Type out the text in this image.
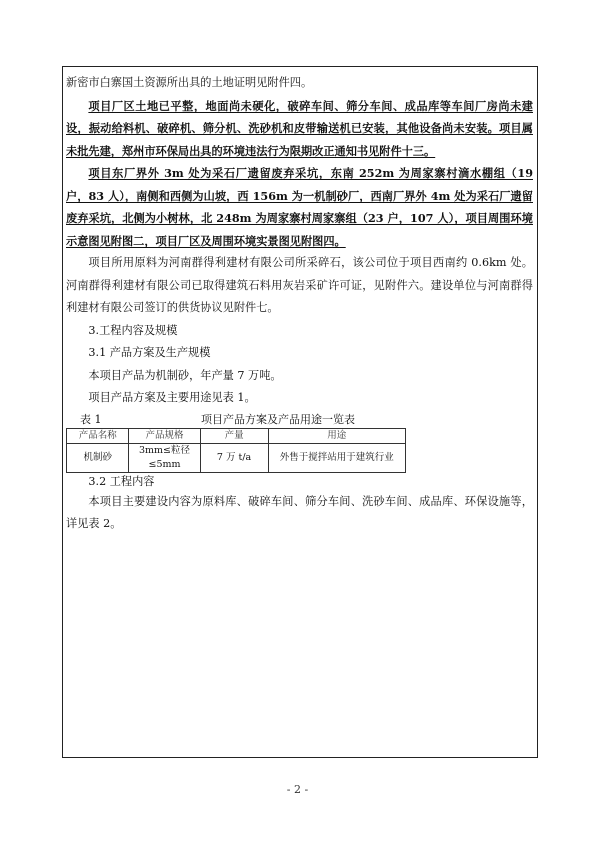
新密市白寨国土资源所出具的土地证明见附件四。

项目厂区土地已平整，地面尚未硬化，破碎车间、筛分车间、成品库等车间厂房尚未建设，振动给料机、破碎机、筛分机、洗砂机和皮带输送机已安装，其他设备尚未安装。项目属未批先建，郑州市环保局出具的环境违法行为限期改正通知书见附件十三。

项目东厂界外 3m 处为采石厂遗留废弃采坑，东南 252m 为周家寨村滴水棚组（19 户，83 人），南侧和西侧为山坡，西 156m 为一机制砂厂，西南厂界外 4m 处为采石厂遗留废弃采坑，北侧为小树林，北 248m 为周家寨村周家寨组（23 户，107 人），项目周围环境示意图见附图二，项目厂区及周围环境实景图见附图四。

项目所用原料为河南群得利建材有限公司所采碎石，该公司位于项目西南约 0.6km 处。河南群得利建材有限公司已取得建筑石料用灰岩采矿许可证，见附件六。建设单位与河南群得利建材有限公司签订的供货协议见附件七。

3.工程内容及规模

3.1 产品方案及生产规模

本项目产品为机制砂，年产量 7 万吨。

项目产品方案及主要用途见表 1。

表 1	项目产品方案及产品用途一览表
产品名称	产品规格	产量	用途
机制砂	3mm≤粒径≤5mm	7 万 t/a	外售于搅拌站用于建筑行业

3.2 工程内容

本项目主要建设内容为原料库、破碎车间、筛分车间、洗砂车间、成品库、环保设施等，详见表 2。

- 2 -
